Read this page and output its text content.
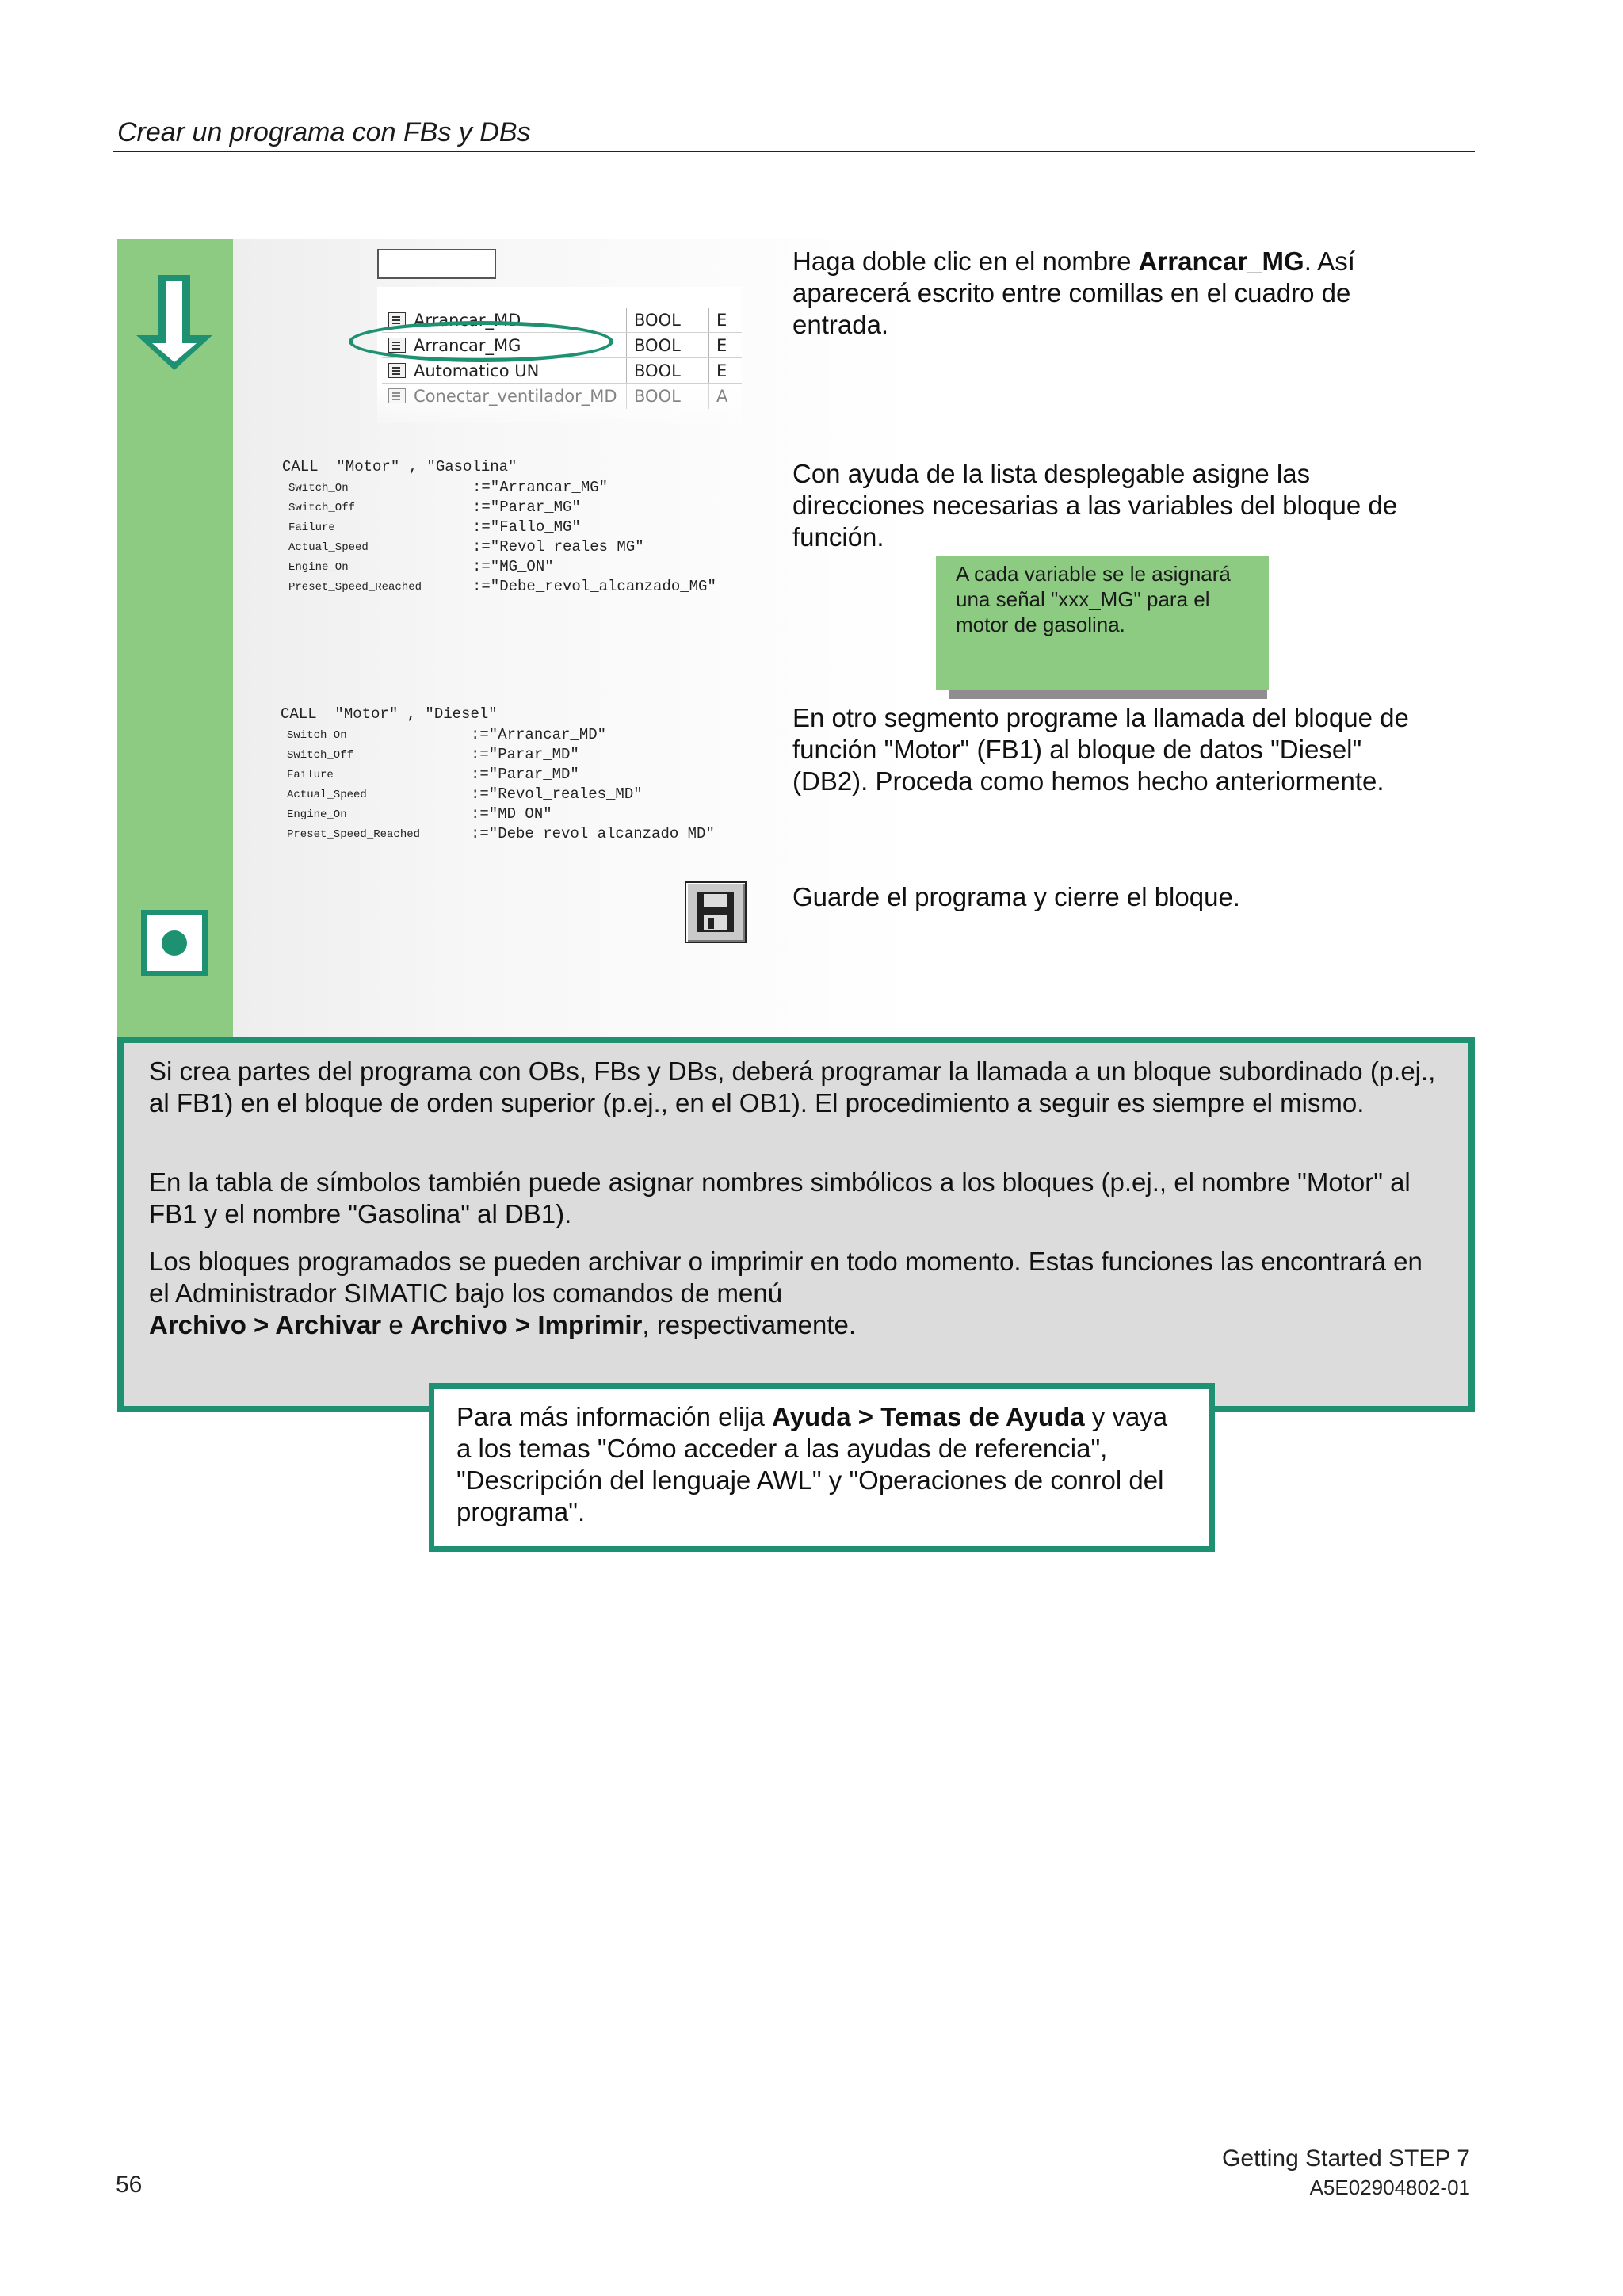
Crear un programa con FBs y DBs
Arrancar_MD	BOOL E
Arrancar_MG	BOOL E
Automatico UN	BOOL E
Conectar_ventilador_MD BOOL A
Haga doble clic en el nombre Arrancar_MG. Así aparecerá escrito entre comillas en el cuadro de entrada.
CALL  "Motor" , "Gasolina"
Switch_On	:="Arrancar_MG"
Switch_Off	:="Parar_MG"
Failure	:="Fallo_MG"
Actual_Speed	:="Revol_reales_MG"
Engine_On	:="MG_ON"
Preset_Speed_Reached	:="Debe_revol_alcanzado_MG"
Con ayuda de la lista desplegable asigne las direcciones necesarias a las variables del bloque de función.
A cada variable se le asignará una señal "xxx_MG" para el motor de gasolina.
CALL  "Motor" , "Diesel"
Switch_On	:="Arrancar_MD"
Switch_Off	:="Parar_MD"
Failure	:="Parar_MD"
Actual_Speed	:="Revol_reales_MD"
Engine_On	:="MD_ON"
Preset_Speed_Reached	:="Debe_revol_alcanzado_MD"
En otro segmento programe la llamada del bloque de función "Motor" (FB1) al bloque de datos "Diesel" (DB2). Proceda como hemos hecho anteriormente.
Guarde el programa y cierre el bloque.
Si crea partes del programa con OBs, FBs y DBs, deberá programar la llamada a un bloque subordinado (p.ej., al FB1) en el bloque de orden superior (p.ej., en el OB1). El procedimiento a seguir es siempre el mismo.
En la tabla de símbolos también puede asignar nombres simbólicos a los bloques (p.ej., el nombre "Motor" al FB1 y el nombre "Gasolina" al DB1).
Los bloques programados se pueden archivar o imprimir en todo momento. Estas funciones las encontrará en el Administrador SIMATIC bajo los comandos de menú
Archivo > Archivar e Archivo > Imprimir, respectivamente.
Para más información elija Ayuda > Temas de Ayuda y vaya a los temas "Cómo acceder a las ayudas de referencia", "Descripción del lenguaje AWL" y "Operaciones de conrol del programa".
56
Getting Started STEP 7
A5E02904802-01
